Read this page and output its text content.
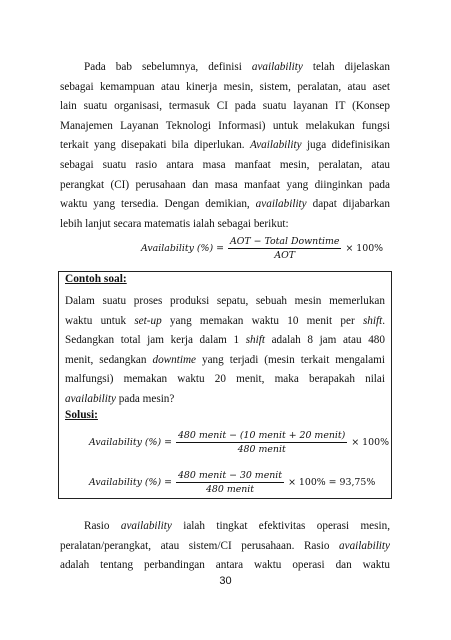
Pada bab sebelumnya, definisi availability telah dijelaskan
sebagai kemampuan atau kinerja mesin, sistem, peralatan, atau aset
lain suatu organisasi, termasuk CI pada suatu layanan IT (Konsep
Manajemen Layanan Teknologi Informasi) untuk melakukan fungsi
terkait yang disepakati bila diperlukan. Availability juga didefinisikan
sebagai suatu rasio antara masa manfaat mesin, peralatan, atau
perangkat (CI) perusahaan dan masa manfaat yang diinginkan pada
waktu yang tersedia. Dengan demikian, availability dapat dijabarkan
lebih lanjut secara matematis ialah sebagai berikut:

Availability (%) = $\frac{\text{AOT − Total Downtime}}{\text{AOT}} \times 100\%$

Contoh soal:

Dalam suatu proses produksi sepatu, sebuah mesin memerlukan
waktu untuk set-up yang memakan waktu 10 menit per shift.
Sedangkan total jam kerja dalam 1 shift adalah 8 jam atau 480
menit, sedangkan downtime yang terjadi (mesin terkait mengalami
malfungsi) memakan waktu 20 menit, maka berapakah nilai
availability pada mesin?

Solusi:

Availability (%) = $\frac{\text{480 menit − (10 menit + 20 menit)}}{\text{480 menit}} \times 100\%$
Availability (%) = $\frac{\text{480 menit − 30 menit}}{\text{480 menit}} \times 100\% = 93,75\%$

Rasio availability ialah tingkat efektivitas operasi mesin,
peralatan/perangkat, atau sistem/CI perusahaan. Rasio availability
adalah tentang perbandingan antara waktu operasi dan waktu

30
